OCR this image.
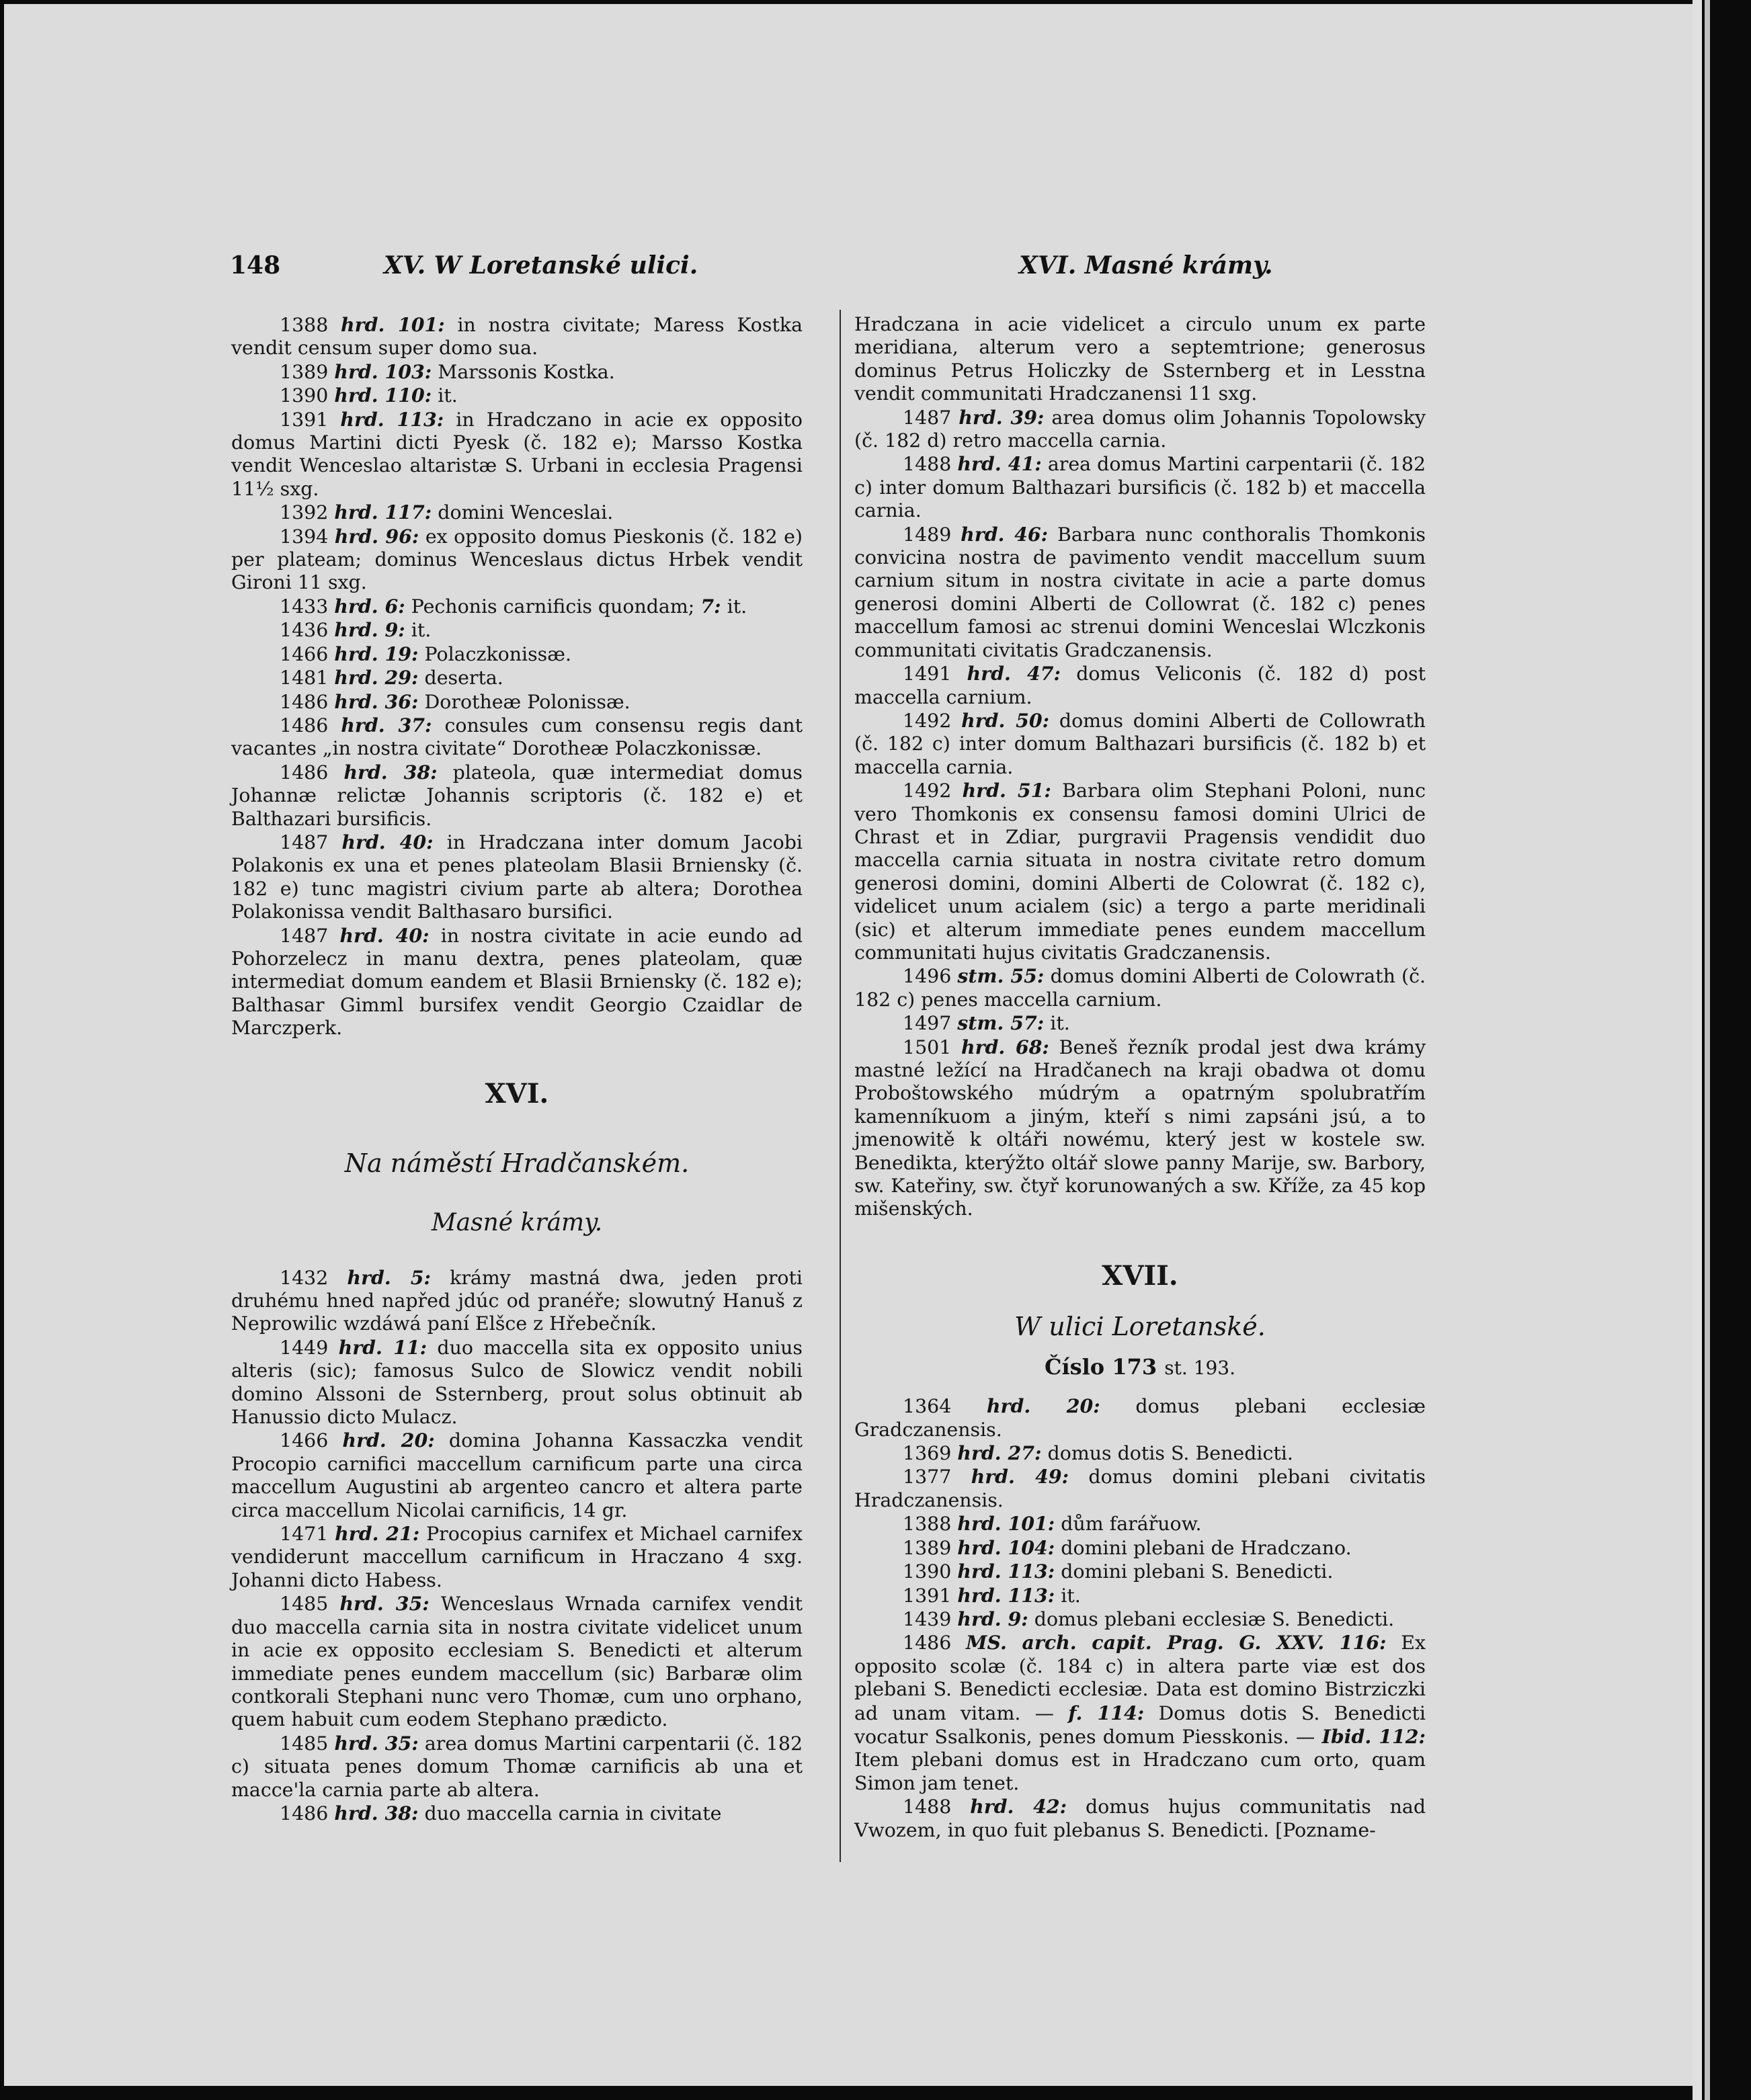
148	XV. W Loretanské ulici.	XVI. Masné krámy.

1388 hrd. 101: in nostra civitate; Maress Kostka vendit censum super domo sua.

1389 hrd. 103: Marssonis Kostka.

1390 hrd. 110: it.

1391 hrd. 113: in Hradczano in acie ex opposito domus Martini dicti Pyesk (č. 182 e); Marsso Kostka vendit Wenceslao altaristæ S. Urbani in ecclesia Pragensi 11½ sxg.

1392 hrd. 117: domini Wenceslai.

1394 hrd. 96: ex opposito domus Pieskonis (č. 182 e) per plateam; dominus Wenceslaus dictus Hrbek vendit Gironi 11 sxg.

1433 hrd. 6: Pechonis carnificis quondam; 7: it.

1436 hrd. 9: it.

1466 hrd. 19: Polaczkonissæ.

1481 hrd. 29: deserta.

1486 hrd. 36: Dorotheæ Polonissæ.

1486 hrd. 37: consules cum consensu regis dant vacantes „in nostra civitate“ Dorotheæ Polaczkonissæ.

1486 hrd. 38: plateola, quæ intermediat domus Johannæ relictæ Johannis scriptoris (č. 182 e) et Balthazari bursificis.

1487 hrd. 40: in Hradczana inter domum Jacobi Polakonis ex una et penes plateolam Blasii Brniensky (č. 182 e) tunc magistri civium parte ab altera; Dorothea Polakonissa vendit Balthasaro bursifici.

1487 hrd. 40: in nostra civitate in acie eundo ad Pohorzelecz in manu dextra, penes plateolam, quæ intermediat domum eandem et Blasii Brniensky (č. 182 e); Balthasar Gimml bursifex vendit Georgio Czaidlar de Marczperk.

XVI.
Na náměstí Hradčanském.
Masné krámy.

1432 hrd. 5: krámy mastná dwa, jeden proti druhému hned napřed jdúc od pranéře; slowutný Hanuš z Neprowilic wzdáwá paní Elšce z Hřebečník.

1449 hrd. 11: duo maccella sita ex opposito unius alteris (sic); famosus Sulco de Slowicz vendit nobili domino Alssoni de Ssternberg, prout solus obtinuit ab Hanussio dicto Mulacz.

1466 hrd. 20: domina Johanna Kassaczka vendit Procopio carnifici maccellum carnificum parte una circa maccellum Augustini ab argenteo cancro et altera parte circa maccellum Nicolai carnificis, 14 gr.

1471 hrd. 21: Procopius carnifex et Michael carnifex vendiderunt maccellum carnificum in Hraczano 4 sxg. Johanni dicto Habess.

1485 hrd. 35: Wenceslaus Wrnada carnifex vendit duo maccella carnia sita in nostra civitate videlicet unum in acie ex opposito ecclesiam S. Benedicti et alterum immediate penes eundem maccellum (sic) Barbaræ olim contkorali Stephani nunc vero Thomæ, cum uno orphano, quem habuit cum eodem Stephano prædicto.

1485 hrd. 35: area domus Martini carpentarii (č. 182 c) situata penes domum Thomæ carnificis ab una et macce'la carnia parte ab altera.

1486 hrd. 38: duo maccella carnia in civitate

Hradczana in acie videlicet a circulo unum ex parte meridiana, alterum vero a septemtrione; generosus dominus Petrus Holiczky de Ssternberg et in Lesstna vendit communitati Hradczanensi 11 sxg.

1487 hrd. 39: area domus olim Johannis Topolowsky (č. 182 d) retro maccella carnia.

1488 hrd. 41: area domus Martini carpentarii (č. 182 c) inter domum Balthazari bursificis (č. 182 b) et maccella carnia.

1489 hrd. 46: Barbara nunc conthoralis Thomkonis convicina nostra de pavimento vendit maccellum suum carnium situm in nostra civitate in acie a parte domus generosi domini Alberti de Collowrat (č. 182 c) penes maccellum famosi ac strenui domini Wenceslai Wlczkonis communitati civitatis Gradczanensis.

1491 hrd. 47: domus Veliconis (č. 182 d) post maccella carnium.

1492 hrd. 50: domus domini Alberti de Collowrath (č. 182 c) inter domum Balthazari bursificis (č. 182 b) et maccella carnia.

1492 hrd. 51: Barbara olim Stephani Poloni, nunc vero Thomkonis ex consensu famosi domini Ulrici de Chrast et in Zdiar, purgravii Pragensis vendidit duo maccella carnia situata in nostra civitate retro domum generosi domini, domini Alberti de Colowrat (č. 182 c), videlicet unum acialem (sic) a tergo a parte meridinali (sic) et alterum immediate penes eundem maccellum communitati hujus civitatis Gradczanensis.

1496 stm. 55: domus domini Alberti de Colowrath (č. 182 c) penes maccella carnium.

1497 stm. 57: it.

1501 hrd. 68: Beneš řezník prodal jest dwa krámy mastné ležící na Hradčanech na kraji obadwa ot domu Proboštowského múdrým a opatrným spolubratřím kamenníkuom a jiným, kteří s nimi zapsáni jsú, a to jmenowitě k oltáři nowému, který jest w kostele sw. Benedikta, kterýžto oltář slowe panny Marije, sw. Barbory, sw. Kateřiny, sw. čtyř korunowaných a sw. Kříže, za 45 kop mišenských.

XVII.
W ulici Loretanské.
Číslo 173 st. 193.

1364 hrd. 20: domus plebani ecclesiæ Gradczanensis.

1369 hrd. 27: domus dotis S. Benedicti.

1377 hrd. 49: domus domini plebani civitatis Hradczanensis.

1388 hrd. 101: dům farářuow.

1389 hrd. 104: domini plebani de Hradczano.

1390 hrd. 113: domini plebani S. Benedicti.

1391 hrd. 113: it.

1439 hrd. 9: domus plebani ecclesiæ S. Benedicti.

1486 MS. arch. capit. Prag. G. XXV. 116: Ex opposito scolæ (č. 184 c) in altera parte viæ est dos plebani S. Benedicti ecclesiæ. Data est domino Bistrziczki ad unam vitam. — f. 114: Domus dotis S. Benedicti vocatur Ssalkonis, penes domum Piesskonis. — Ibid. 112: Item plebani domus est in Hradczano cum orto, quam Simon jam tenet.

1488 hrd. 42: domus hujus communitatis nad Vwozem, in quo fuit plebanus S. Benedicti. [Pozname-
